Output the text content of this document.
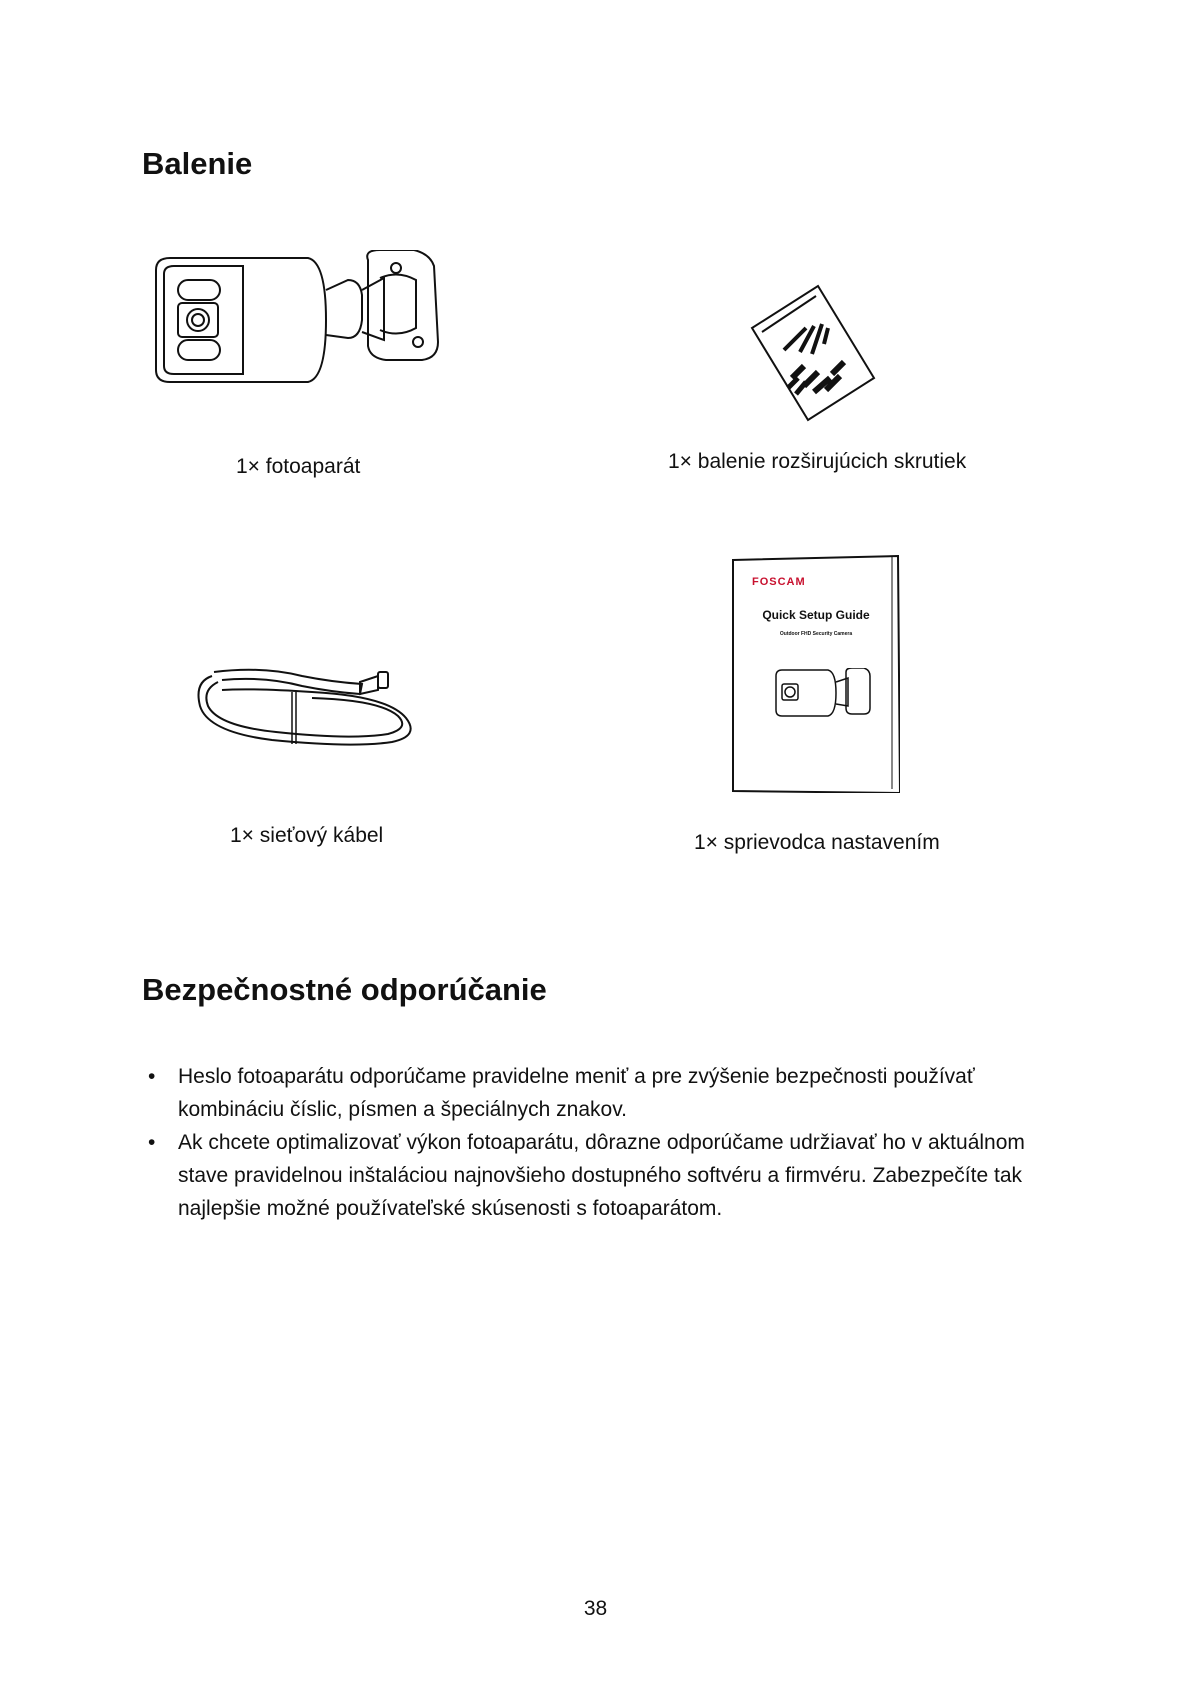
Balenie
1× fotoaparát	1× balenie rozširujúcich skrutiek
FOSCAM
Quick Setup Guide
Outdoor FHD Security Camera
1× sieťový kábel	1× sprievodca nastavením
Bezpečnostné odporúčanie
• Heslo fotoaparátu odporúčame pravidelne meniť a pre zvýšenie bezpečnosti používať kombináciu číslic, písmen a špeciálnych znakov.
• Ak chcete optimalizovať výkon fotoaparátu, dôrazne odporúčame udržiavať ho v aktuálnom stave pravidelnou inštaláciou najnovšieho dostupného softvéru a firmvéru. Zabezpečíte tak najlepšie možné používateľské skúsenosti s fotoaparátom.
38
